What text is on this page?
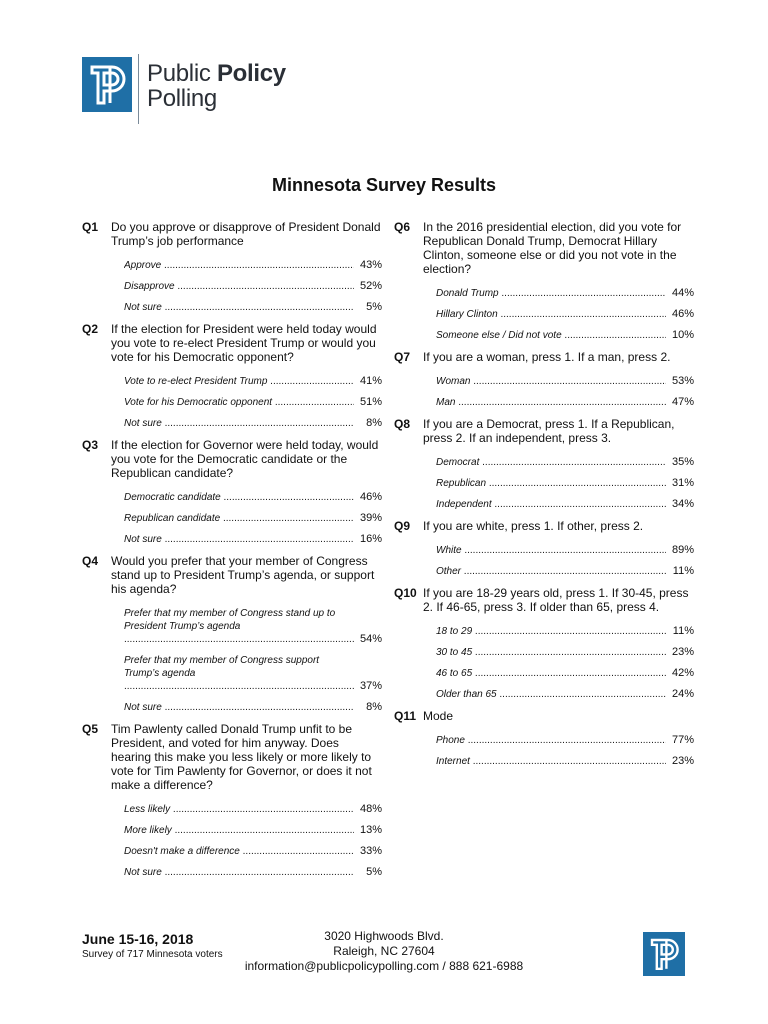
Public Policy
Polling
Minnesota Survey Results
Q1	Do you approve or disapprove of President Donald Trump’s job performance
Approve .....	43%
Disapprove .....	52%
Not sure .....	5%
Q2	If the election for President were held today would you vote to re-elect President Trump or would you vote for his Democratic opponent?
Vote to re-elect President Trump .....	41%
Vote for his Democratic opponent .....	51%
Not sure .....	8%
Q3	If the election for Governor were held today, would you vote for the Democratic candidate or the Republican candidate?
Democratic candidate .....	46%
Republican candidate .....	39%
Not sure .....	16%
Q4	Would you prefer that your member of Congress stand up to President Trump’s agenda, or support his agenda?
Prefer that my member of Congress stand up to President Trump’s agenda .....
54%
Prefer that my member of Congress support Trump’s agenda .....
37%
Not sure .....	8%
Q5	Tim Pawlenty called Donald Trump unfit to be President, and voted for him anyway. Does hearing this make you less likely or more likely to vote for Tim Pawlenty for Governor, or does it not make a difference?
Less likely .....	48%
More likely .....	13%
Doesn't make a difference .....	33%
Not sure .....	5%
Q6	In the 2016 presidential election, did you vote for Republican Donald Trump, Democrat Hillary Clinton, someone else or did you not vote in the election?
Donald Trump .....	44%
Hillary Clinton .....	46%
Someone else / Did not vote .....	10%
Q7	If you are a woman, press 1. If a man, press 2.
Woman .....	53%
Man .....	47%
Q8	If you are a Democrat, press 1. If a Republican, press 2. If an independent, press 3.
Democrat .....	35%
Republican .....	31%
Independent .....	34%
Q9	If you are white, press 1. If other, press 2.
White .....	89%
Other .....	11%
Q10 If you are 18-29 years old, press 1. If 30-45, press 2. If 46-65, press 3. If older than 65, press 4.
18 to 29 .....	11%
30 to 45 .....	23%
46 to 65 .....	42%
Older than 65 .....	24%
Q11 Mode
Phone .....	77%
Internet .....	23%
June 15-16, 2018
Survey of 717 Minnesota voters
3020 Highwoods Blvd.
Raleigh, NC 27604
information@publicpolicypolling.com / 888 621-6988
